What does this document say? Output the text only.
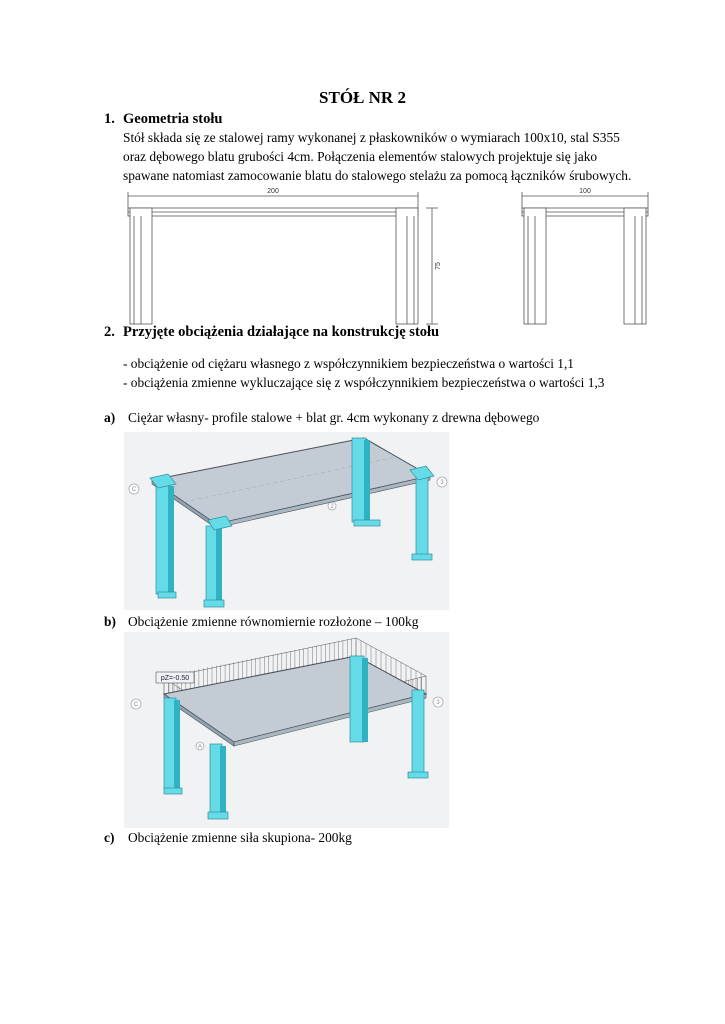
STÓŁ NR 2
1. Geometria stołu
Stół składa się ze stalowej ramy wykonanej z płaskowników o wymiarach 100x10, stal S355
oraz dębowego blatu grubości 4cm. Połączenia elementów stalowych projektuje się jako
spawane natomiast zamocowanie blatu do stalowego stelażu za pomocą łączników śrubowych.
200	100
75
2. Przyjęte obciążenia działające na konstrukcję stołu
- obciążenie od ciężaru własnego z współczynnikiem bezpieczeństwa o wartości 1,1
- obciążenia zmienne wykluczające się z współczynnikiem bezpieczeństwa o wartości 1,3
a) Ciężar własny- profile stalowe + blat gr. 4cm wykonany z drewna dębowego
C
2
3
b) Obciążenie zmienne równomiernie rozłożone – 100kg
C
A
3
pZ=-0.50
c) Obciążenie zmienne siła skupiona- 200kg
